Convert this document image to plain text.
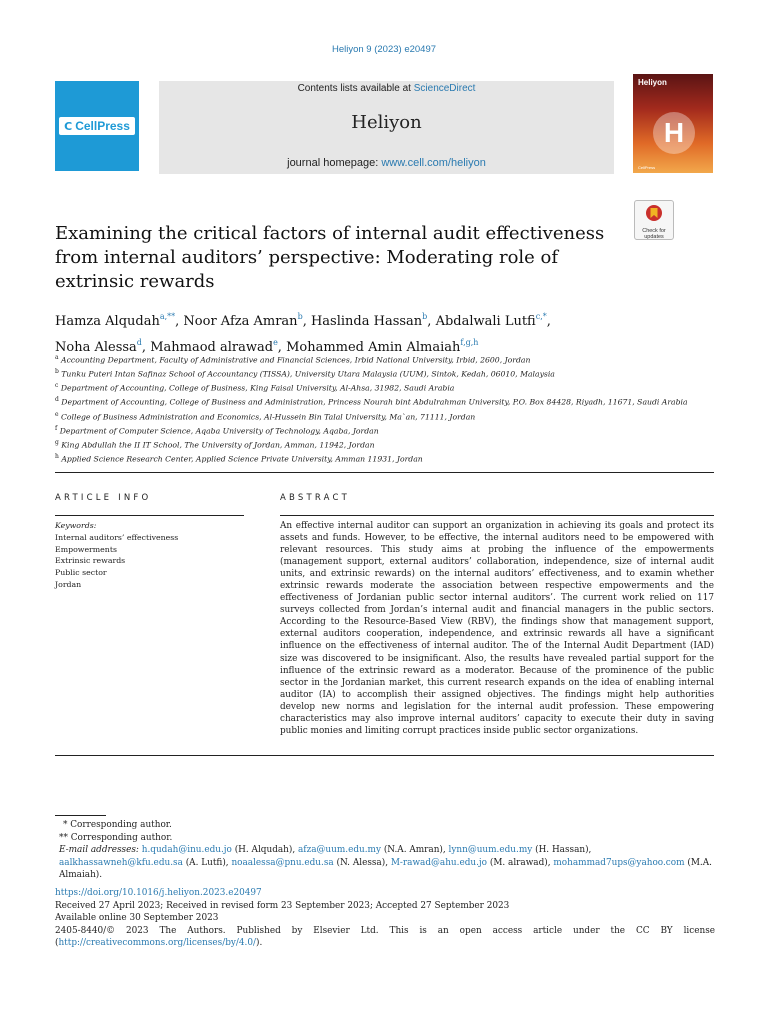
Heliyon 9 (2023) e20497
C CellPress
Contents lists available at ScienceDirect
Heliyon
journal homepage: www.cell.com/heliyon
Heliyon
H
CellPress
Check for
updates
Examining the critical factors of internal audit effectiveness from internal auditors’ perspective: Moderating role of extrinsic rewards
Hamza Alqudah$^{a,**}$, Noor Afza Amran$^b$, Haslinda Hassan$^b$, Abdalwali Lutfi$^{c,*}$,
Noha Alessa$^d$, Mahmaod alrawad$^e$, Mohammed Amin Almaiah$^{f,g,h}$
$^a$ Accounting Department, Faculty of Administrative and Financial Sciences, Irbid National University, Irbid, 2600, Jordan
$^b$ Tunku Puteri Intan Safinaz School of Accountancy (TISSA), University Utara Malaysia (UUM), Sintok, Kedah, 06010, Malaysia
$^c$ Department of Accounting, College of Business, King Faisal University, Al-Ahsa, 31982, Saudi Arabia
$^d$ Department of Accounting, College of Business and Administration, Princess Nourah bint Abdulrahman University, P.O. Box 84428, Riyadh, 11671, Saudi Arabia
$^e$ College of Business Administration and Economics, Al-Hussein Bin Talal University, Ma`an, 71111, Jordan
$^f$ Department of Computer Science, Aqaba University of Technology, Aqaba, Jordan
$^g$ King Abdullah the II IT School, The University of Jordan, Amman, 11942, Jordan
$^h$ Applied Science Research Center, Applied Science Private University, Amman 11931, Jordan
ARTICLE INFO	ABSTRACT
Keywords:
Internal auditors’ effectiveness
Empowerments
Extrinsic rewards
Public sector
Jordan
An effective internal auditor can support an organization in achieving its goals and protect its assets and funds. However, to be effective, the internal auditors need to be empowered with relevant resources. This study aims at probing the influence of the empowerments (management support, external auditors’ collaboration, independence, size of internal audit units, and extrinsic rewards) on the internal auditors’ effectiveness, and to examin whether extrinsic rewards moderate the association between respective empowerments and the effectiveness of Jordanian public sector internal auditors’. The current work relied on 117 surveys collected from Jordan’s internal audit and financial managers in the public sectors. According to the Resource-Based View (RBV), the findings show that management support, external auditors cooperation, independence, and extrinsic rewards all have a significant influence on the effectiveness of internal auditor. The of the Internal Audit Department (IAD) size was discovered to be insignificant. Also, the results have revealed partial support for the influence of the extrinsic reward as a moderator. Because of the prominence of the public sector in the Jordanian market, this current research expands on the idea of enabling internal auditor (IA) to accomplish their assigned objectives. The findings might help authorities develop new norms and legislation for the internal audit profession. These empowering characteristics may also improve internal auditors’ capacity to execute their duty in saving public monies and limiting corrupt practices inside public sector organizations.
* Corresponding author.
** Corresponding author.
E-mail addresses: h.qudah@inu.edu.jo (H. Alqudah), afza@uum.edu.my (N.A. Amran), lynn@uum.edu.my (H. Hassan), aalkhassawneh@kfu.edu.sa (A. Lutfi), noaalessa@pnu.edu.sa (N. Alessa), M-rawad@ahu.edu.jo (M. alrawad), mohammad7ups@yahoo.com (M.A. Almaiah).
https://doi.org/10.1016/j.heliyon.2023.e20497
Received 27 April 2023; Received in revised form 23 September 2023; Accepted 27 September 2023
Available online 30 September 2023
2405-8440/© 2023 The Authors. Published by Elsevier Ltd. This is an open access article under the CC BY license
(http://creativecommons.org/licenses/by/4.0/).
